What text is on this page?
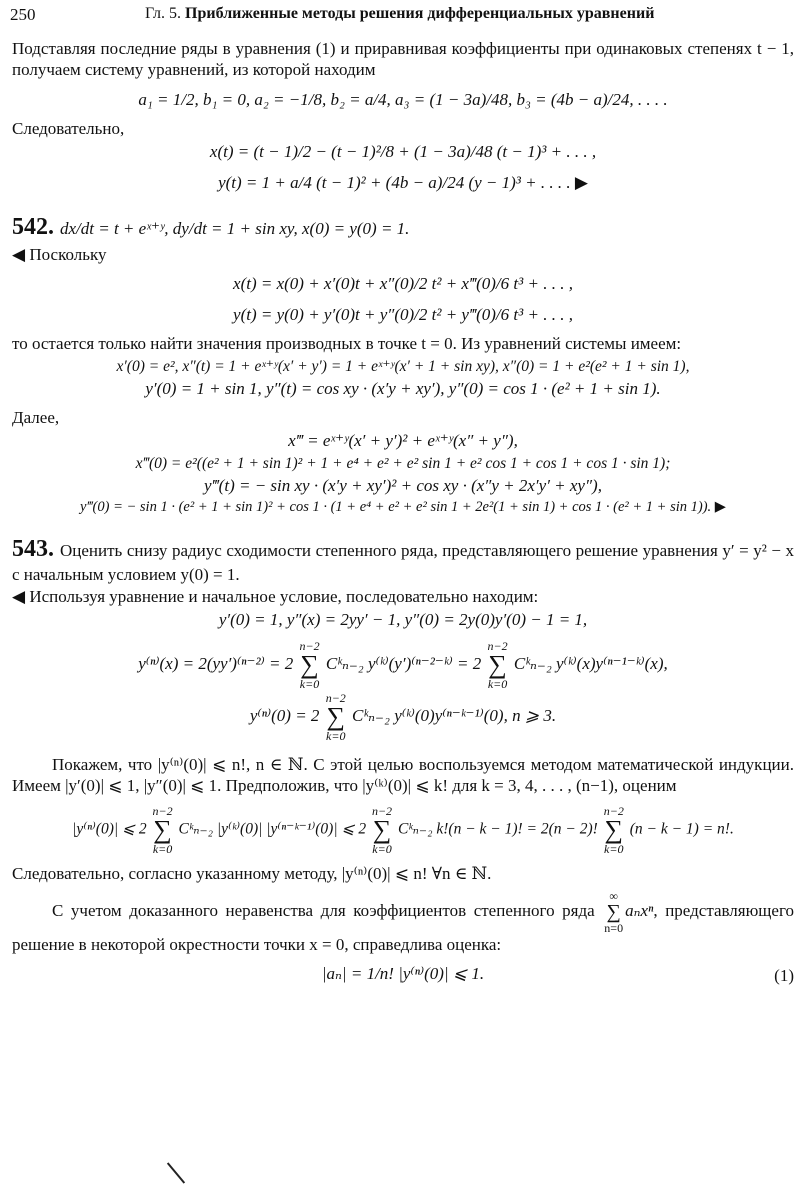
250	Гл. 5. Приближенные методы решения дифференциальных уравнений

Подставляя последние ряды в уравнения (1) и приравнивая коэффициенты при одинаковых степенях t − 1, получаем систему уравнений, из которой находим

a₁ = 1/2, b₁ = 0, a₂ = −1/8, b₂ = a/4, a₃ = (1 − 3a)/48, b₃ = (4b − a)/24, . . . .

Следовательно,

x(t) = (t − 1)/2 − (t − 1)²/8 + (1 − 3a)/48 (t − 1)³ + . . . ,
y(t) = 1 + a/4 (t − 1)² + (4b − a)/24 (y − 1)³ + . . . . ▶
542. dx/dt = t + eˣ⁺ʸ, dy/dt = 1 + sin xy, x(0) = y(0) = 1.

◀ Поскольку

x(t) = x(0) + x′(0)t + x″(0)/2 t² + x‴(0)/6 t³ + . . . ,
y(t) = y(0) + y′(0)t + y″(0)/2 t² + y‴(0)/6 t³ + . . . ,

то остается только найти значения производных в точке t = 0. Из уравнений системы имеем:

x′(0) = e², x″(t) = 1 + eˣ⁺ʸ(x′ + y′) = 1 + eˣ⁺ʸ(x′ + 1 + sin xy), x″(0) = 1 + e²(e² + 1 + sin 1),
y′(0) = 1 + sin 1, y″(t) = cos xy · (x′y + xy′), y″(0) = cos 1 · (e² + 1 + sin 1).

Далее,

x‴ = eˣ⁺ʸ(x′ + y′)² + eˣ⁺ʸ(x″ + y″),
x‴(0) = e²((e² + 1 + sin 1)² + 1 + e⁴ + e² + e² sin 1 + e² cos 1 + cos 1 + cos 1 · sin 1);
y‴(t) = − sin xy · (x′y + xy′)² + cos xy · (x″y + 2x′y′ + xy″),
y‴(0) = − sin 1 · (e² + 1 + sin 1)² + cos 1 · (1 + e⁴ + e² + e² sin 1 + 2e²(1 + sin 1) + cos 1 · (e² + 1 + sin 1)). ▶

543. Оценить снизу радиус сходимости степенного ряда, представляющего решение уравнения y′ = y² − x с начальным условием y(0) = 1.

◀ Используя уравнение и начальное условие, последовательно находим:

y′(0) = 1, y″(x) = 2yy′ − 1, y″(0) = 2y(0)y′(0) − 1 = 1,
y⁽ⁿ⁾(x) = 2(yy′)⁽ⁿ⁻²⁾ = 2 n−2
∑
k=0 Cᵏₙ₋₂ y⁽ᵏ⁾(y′)⁽ⁿ⁻²⁻ᵏ⁾ = 2 n−2
∑
k=0 Cᵏₙ₋₂ y⁽ᵏ⁾(x)y⁽ⁿ⁻¹⁻ᵏ⁾(x),
y⁽ⁿ⁾(0) = 2 n−2
∑
k=0 Cᵏₙ₋₂ y⁽ᵏ⁾(0)y⁽ⁿ⁻ᵏ⁻¹⁾(0), n ⩾ 3.

Покажем, что |y⁽ⁿ⁾(0)| ⩽ n!, n ∈ ℕ. С этой целью воспользуемся методом математической индукции. Имеем |y′(0)| ⩽ 1, |y″(0)| ⩽ 1. Предположив, что |y⁽ᵏ⁾(0)| ⩽ k! для k = 3, 4, . . . , (n−1), оценим

|y⁽ⁿ⁾(0)| ⩽ 2 n−2
∑
k=0 Cᵏₙ₋₂ |y⁽ᵏ⁾(0)| |y⁽ⁿ⁻ᵏ⁻¹⁾(0)| ⩽ 2 n−2
∑
k=0 Cᵏₙ₋₂ k!(n − k − 1)! = 2(n − 2)! n−2
∑
k=0 (n − k − 1) = n!.

Следовательно, согласно указанному методу, |y⁽ⁿ⁾(0)| ⩽ n! ∀n ∈ ℕ.

С учетом доказанного неравенства для коэффициентов степенного ряда ∞
∑
n=0aₙxⁿ, представляющего решение в некоторой окрестности точки x = 0, справедлива оценка:

|aₙ| = 1/n! |y⁽ⁿ⁾(0)| ⩽ 1.	(1)
